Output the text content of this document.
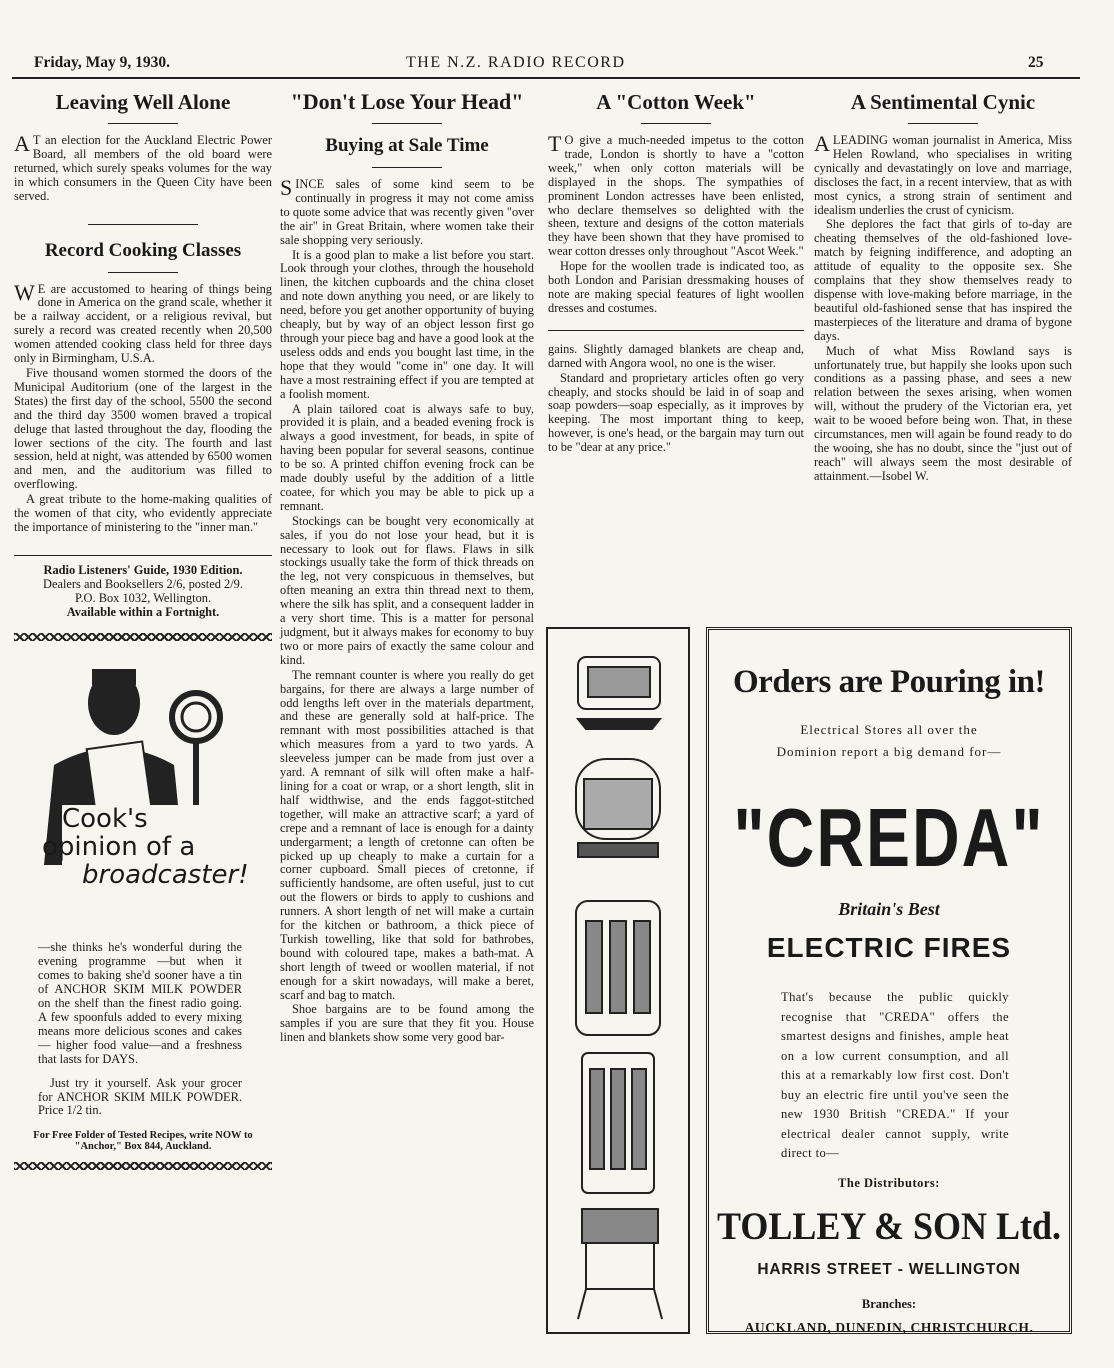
Friday, May 9, 1930.	THE N.Z. RADIO RECORD	25
Leaving Well Alone

A T an election for the Auckland Electric Power Board, all members of the old board were returned, which surely speaks volumes for the way in which consumers in the Queen City have been served.

Record Cooking Classes

W E are accustomed to hearing of things being done in America on the grand scale, whether it be a railway accident, or a religious revival, but surely a record was created recently when 20,500 women attended cooking class held for three days only in Birmingham, U.S.A.

Five thousand women stormed the doors of the Municipal Auditorium (one of the largest in the States) the first day of the school, 5500 the second and the third day 3500 women braved a tropical deluge that lasted throughout the day, flooding the lower sections of the city. The fourth and last session, held at night, was attended by 6500 women and men, and the auditorium was filled to overflowing.

A great tribute to the home-making qualities of the women of that city, who evidently appreciate the importance of ministering to the "inner man."

Radio Listeners' Guide, 1930 Edition.
Dealers and Booksellers 2/6, posted 2/9.
P.O. Box 1032, Wellington.
Available within a Fortnight.
Cook's
opinion of a
broadcaster!

—she thinks he's wonderful during the evening programme —but when it comes to baking she'd sooner have a tin of ANCHOR SKIM MILK POWDER on the shelf than the finest radio going. A few spoonfuls added to every mixing means more delicious scones and cakes — higher food value—and a freshness that lasts for DAYS.

Just try it yourself. Ask your grocer for ANCHOR SKIM MILK POWDER. Price 1/2 tin.

For Free Folder of Tested Recipes, write NOW to "Anchor," Box 844, Auckland.
"Don't Lose Your Head"
Buying at Sale Time

SINCE sales of some kind seem to be continually in progress it may not come amiss to quote some advice that was recently given "over the air" in Great Britain, where women take their sale shopping very seriously.

It is a good plan to make a list before you start. Look through your clothes, through the household linen, the kitchen cupboards and the china closet and note down anything you need, or are likely to need, before you get another opportunity of buying cheaply, but by way of an object lesson first go through your piece bag and have a good look at the useless odds and ends you bought last time, in the hope that they would "come in" one day. It will have a most restraining effect if you are tempted at a foolish moment.

A plain tailored coat is always safe to buy, provided it is plain, and a beaded evening frock is always a good investment, for beads, in spite of having been popular for several seasons, continue to be so. A printed chiffon evening frock can be made doubly useful by the addition of a little coatee, for which you may be able to pick up a remnant.

Stockings can be bought very economically at sales, if you do not lose your head, but it is necessary to look out for flaws. Flaws in silk stockings usually take the form of thick threads on the leg, not very conspicuous in themselves, but often meaning an extra thin thread next to them, where the silk has split, and a consequent ladder in a very short time. This is a matter for personal judgment, but it always makes for economy to buy two or more pairs of exactly the same colour and kind.

The remnant counter is where you really do get bargains, for there are always a large number of odd lengths left over in the materials department, and these are generally sold at half-price. The remnant with most possibilities attached is that which measures from a yard to two yards. A sleeveless jumper can be made from just over a yard. A remnant of silk will often make a half-lining for a coat or wrap, or a short length, slit in half widthwise, and the ends faggot-stitched together, will make an attractive scarf; a yard of crepe and a remnant of lace is enough for a dainty undergarment; a length of cretonne can often be picked up up cheaply to make a curtain for a corner cupboard. Small pieces of cretonne, if sufficiently handsome, are often useful, just to cut out the flowers or birds to apply to cushions and runners. A short length of net will make a curtain for the kitchen or bathroom, a thick piece of Turkish towelling, like that sold for bathrobes, bound with coloured tape, makes a bath-mat. A short length of tweed or woollen material, if not enough for a skirt nowadays, will make a beret, scarf and bag to match.

Shoe bargains are to be found among the samples if you are sure that they fit you. House linen and blankets show some very good bar-

A "Cotton Week"

T O give a much-needed impetus to the cotton trade, London is shortly to have a "cotton week," when only cotton materials will be displayed in the shops. The sympathies of prominent London actresses have been enlisted, who declare themselves so delighted with the sheen, texture and designs of the cotton materials they have been shown that they have promised to wear cotton dresses only throughout "Ascot Week."

Hope for the woollen trade is indicated too, as both London and Parisian dressmaking houses of note are making special features of light woollen dresses and costumes.

gains. Slightly damaged blankets are cheap and, darned with Angora wool, no one is the wiser.

Standard and proprietary articles often go very cheaply, and stocks should be laid in of soap and soap powders—soap especially, as it improves by keeping. The most important thing to keep, however, is one's head, or the bargain may turn out to be "dear at any price."

A Sentimental Cynic

ALEADING woman journalist in America, Miss Helen Rowland, who specialises in writing cynically and devastatingly on love and marriage, discloses the fact, in a recent interview, that as with most cynics, a strong strain of sentiment and idealism underlies the crust of cynicism.

She deplores the fact that girls of to-day are cheating themselves of the old-fashioned love-match by feigning indifference, and adopting an attitude of equality to the opposite sex. She complains that they show themselves ready to dispense with love-making before marriage, in the beautiful old-fashioned sense that has inspired the masterpieces of the literature and drama of bygone days.

Much of what Miss Rowland says is unfortunately true, but happily she looks upon such conditions as a passing phase, and sees a new relation between the sexes arising, when women will, without the prudery of the Victorian era, yet wait to be wooed before being won. That, in these circumstances, men will again be found ready to do the wooing, she has no doubt, since the "just out of reach" will always seem the most desirable of attainment.—Isobel W.

Orders are Pouring in!
Electrical Stores all over the Dominion report a big demand for—
"CREDA"
Britain's Best
ELECTRIC FIRES
That's because the public quickly recognise that "CREDA" offers the smartest designs and finishes, ample heat on a low current consumption, and all this at a remarkably low first cost. Don't buy an electric fire until you've seen the new 1930 British "CREDA." If your electrical dealer cannot supply, write direct to—
The Distributors:
TOLLEY & SON Ltd.
HARRIS STREET - WELLINGTON
Branches:
AUCKLAND, DUNEDIN, CHRISTCHURCH.
